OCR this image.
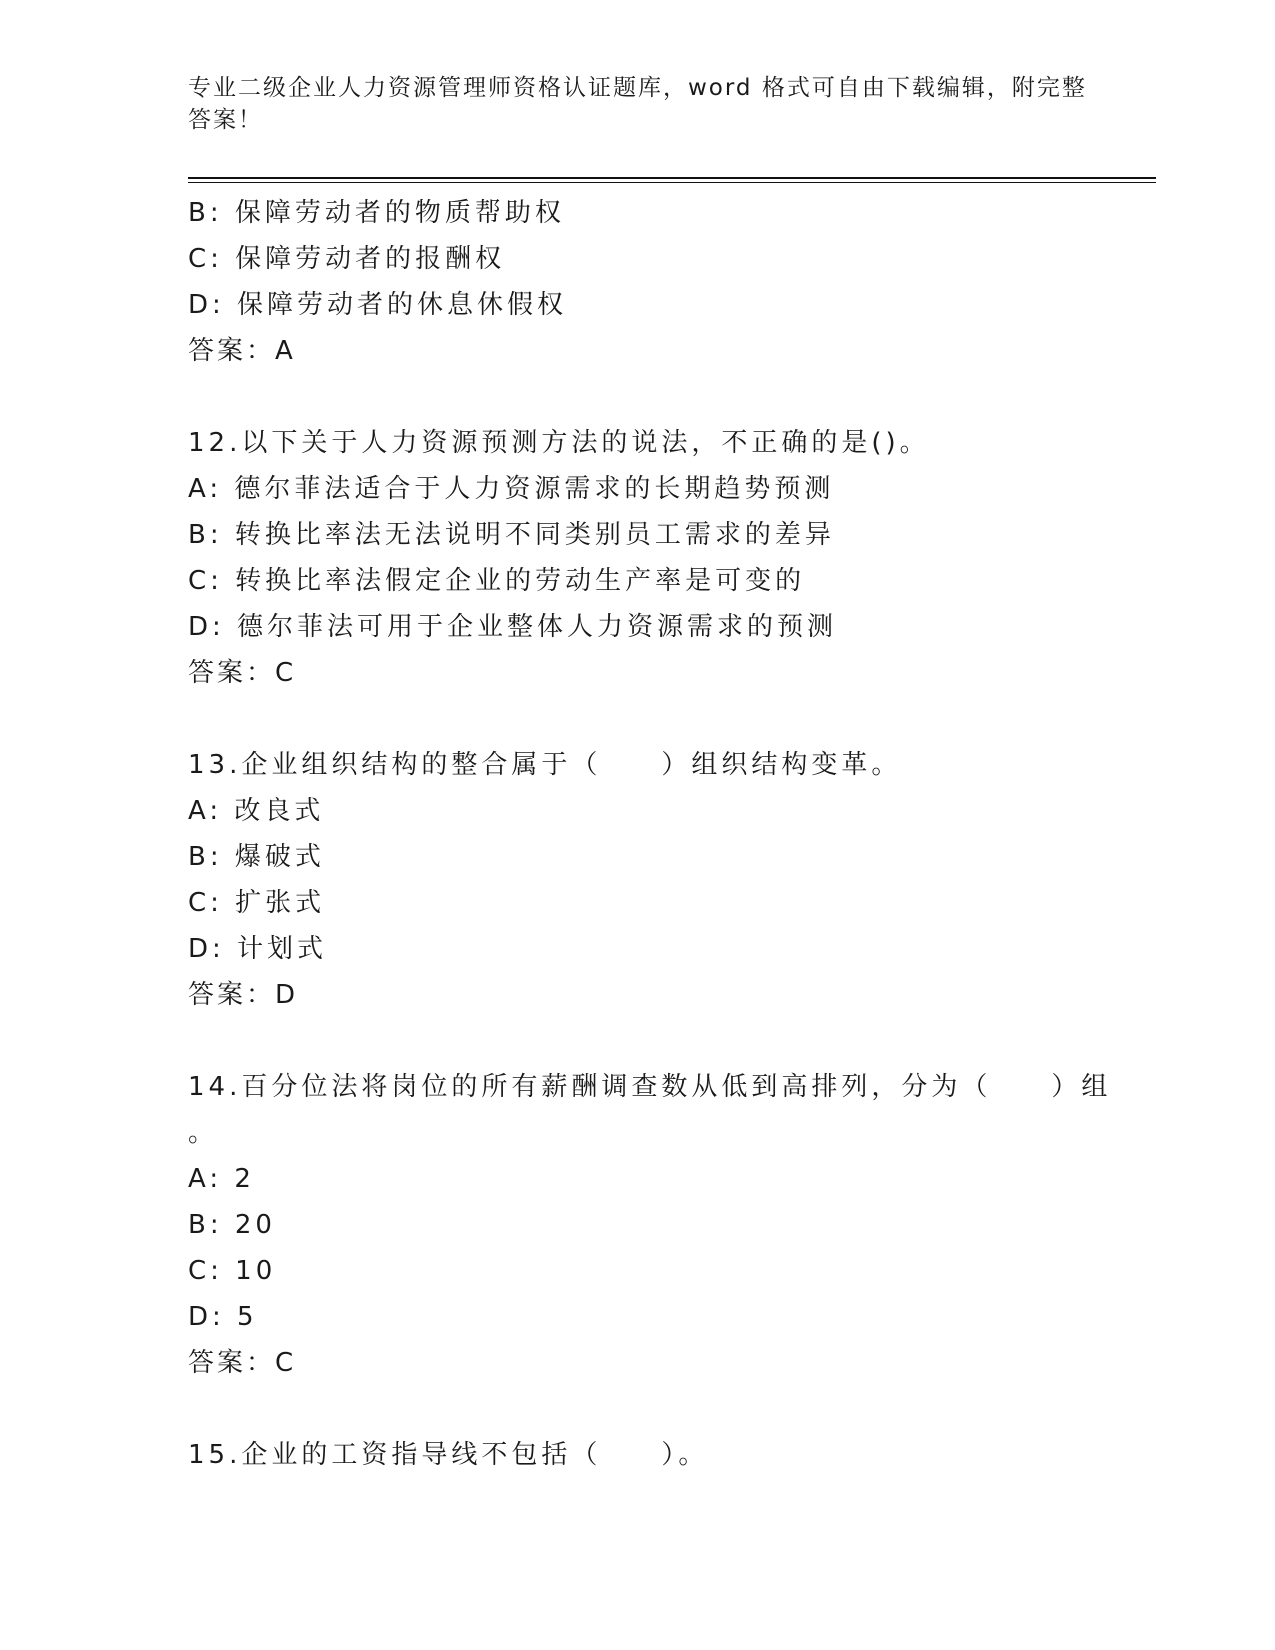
专业二级企业人力资源管理师资格认证题库，word 格式可自由下载编辑，附完整
答案！
B: 保障劳动者的物质帮助权
C: 保障劳动者的报酬权
D: 保障劳动者的休息休假权
答案：A
12.以下关于人力资源预测方法的说法，不正确的是()。
A: 德尔菲法适合于人力资源需求的长期趋势预测
B: 转换比率法无法说明不同类别员工需求的差异
C: 转换比率法假定企业的劳动生产率是可变的
D: 德尔菲法可用于企业整体人力资源需求的预测
答案：C
13.企业组织结构的整合属于（　　）组织结构变革。
A: 改良式
B: 爆破式
C: 扩张式
D: 计划式
答案：D
14.百分位法将岗位的所有薪酬调查数从低到高排列，分为（　　）组
。
A: 2
B: 20
C: 10
D: 5
答案：C
15.企业的工资指导线不包括（　　）。
